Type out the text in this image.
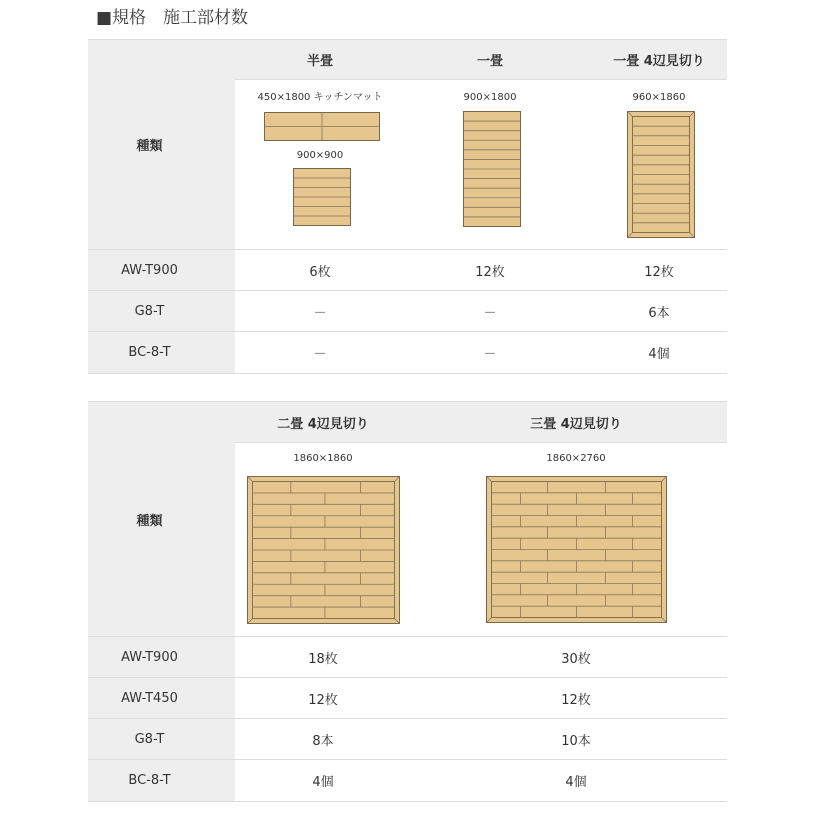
■規格　施工部材数
種類
半畳	一畳	一畳 4辺見切り
450×1800 キッチンマット
900×900
900×1800	960×1860
AW-T900	6枚	12枚	12枚
G8-T	－	－	6本
BC-8-T	－	－	4個
種類
二畳 4辺見切り	三畳 4辺見切り
1860×1860	1860×2760
AW-T900	18枚	30枚
AW-T450	12枚	12枚
G8-T	8本	10本
BC-8-T	4個	4個
